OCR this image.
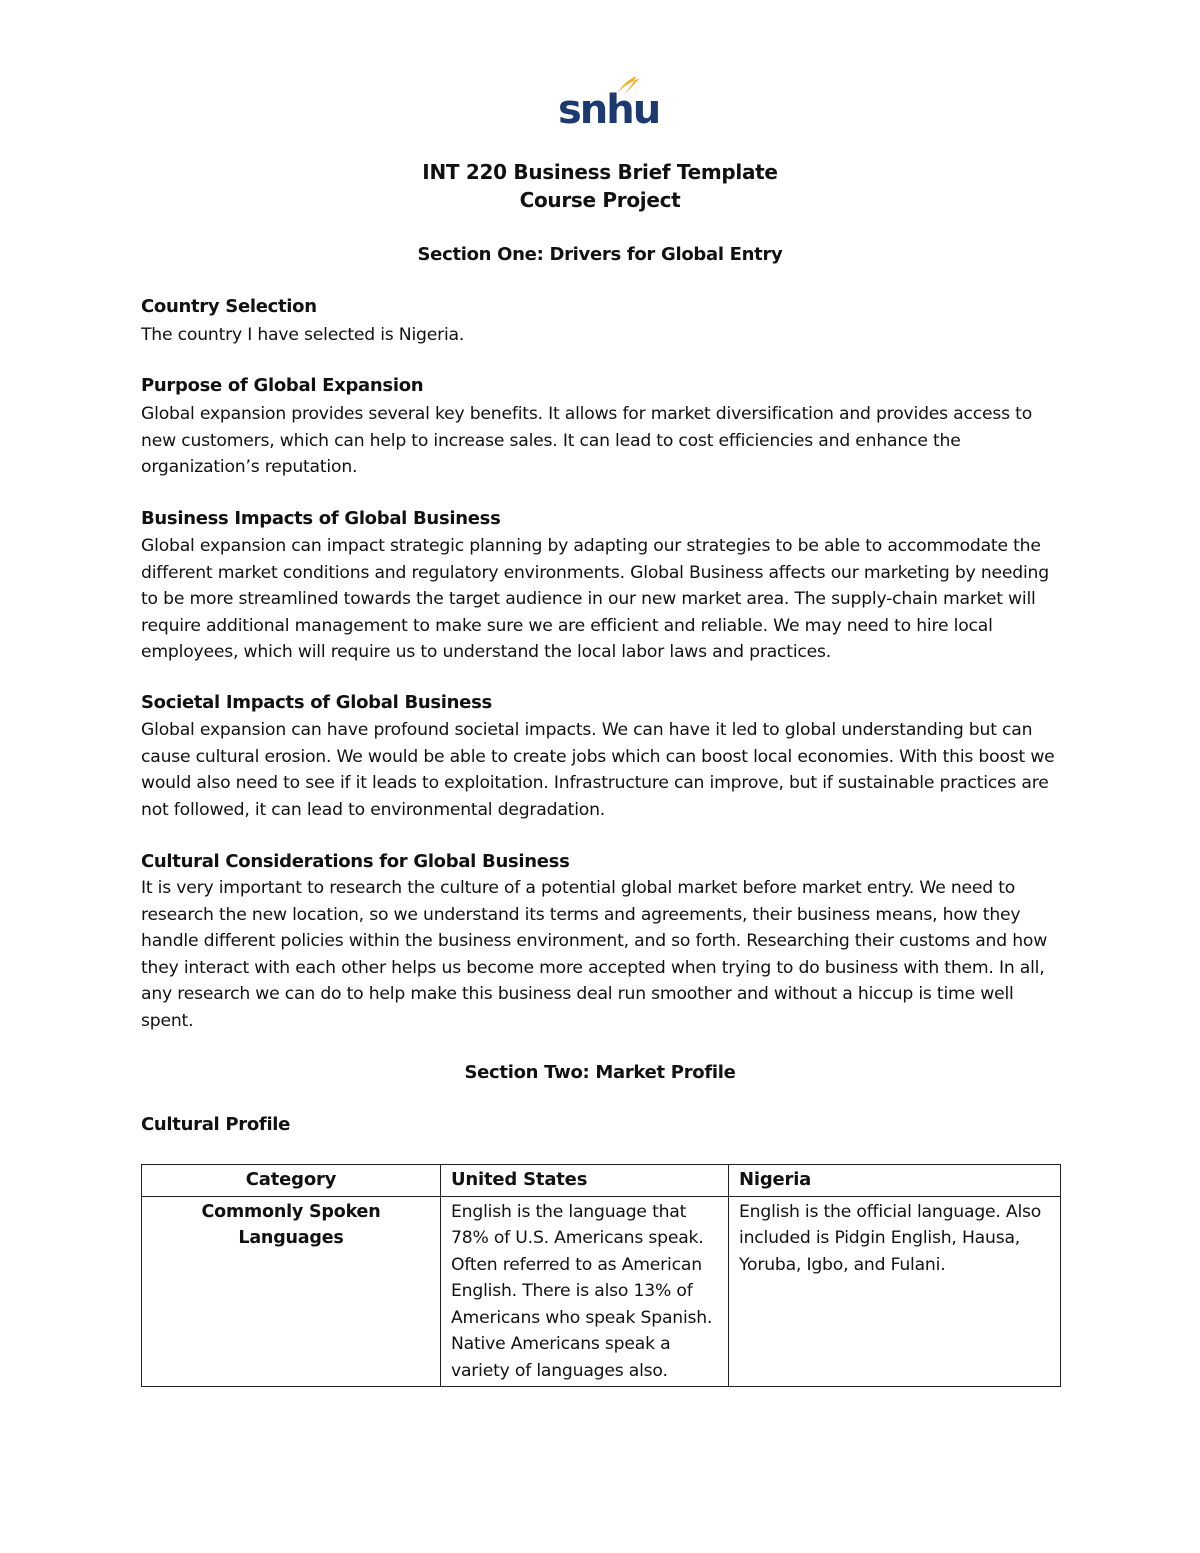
snhu
INT 220 Business Brief Template
Course Project
Section One: Drivers for Global Entry
Country Selection

The country I have selected is Nigeria.

Purpose of Global Expansion

Global expansion provides several key benefits. It allows for market diversification and provides access to new customers, which can help to increase sales. It can lead to cost efficiencies and enhance the organization’s reputation.

Business Impacts of Global Business

Global expansion can impact strategic planning by adapting our strategies to be able to accommodate the different market conditions and regulatory environments. Global Business affects our marketing by needing to be more streamlined towards the target audience in our new market area. The supply-chain market will require additional management to make sure we are efficient and reliable. We may need to hire local employees, which will require us to understand the local labor laws and practices.

Societal Impacts of Global Business

Global expansion can have profound societal impacts. We can have it led to global understanding but can cause cultural erosion. We would be able to create jobs which can boost local economies. With this boost we would also need to see if it leads to exploitation. Infrastructure can improve, but if sustainable practices are not followed, it can lead to environmental degradation.

Cultural Considerations for Global Business

It is very important to research the culture of a potential global market before market entry. We need to research the new location, so we understand its terms and agreements, their business means, how they handle different policies within the business environment, and so forth. Researching their customs and how they interact with each other helps us become more accepted when trying to do business with them. In all, any research we can do to help make this business deal run smoother and without a hiccup is time well spent.

Section Two: Market Profile
Cultural Profile
Category	United States	Nigeria
Commonly Spoken Languages	English is the language that 78% of U.S. Americans speak. Often referred to as American English. There is also 13% of Americans who speak Spanish. Native Americans speak a variety of languages also.	English is the official language. Also included is Pidgin English, Hausa, Yoruba, Igbo, and Fulani.
